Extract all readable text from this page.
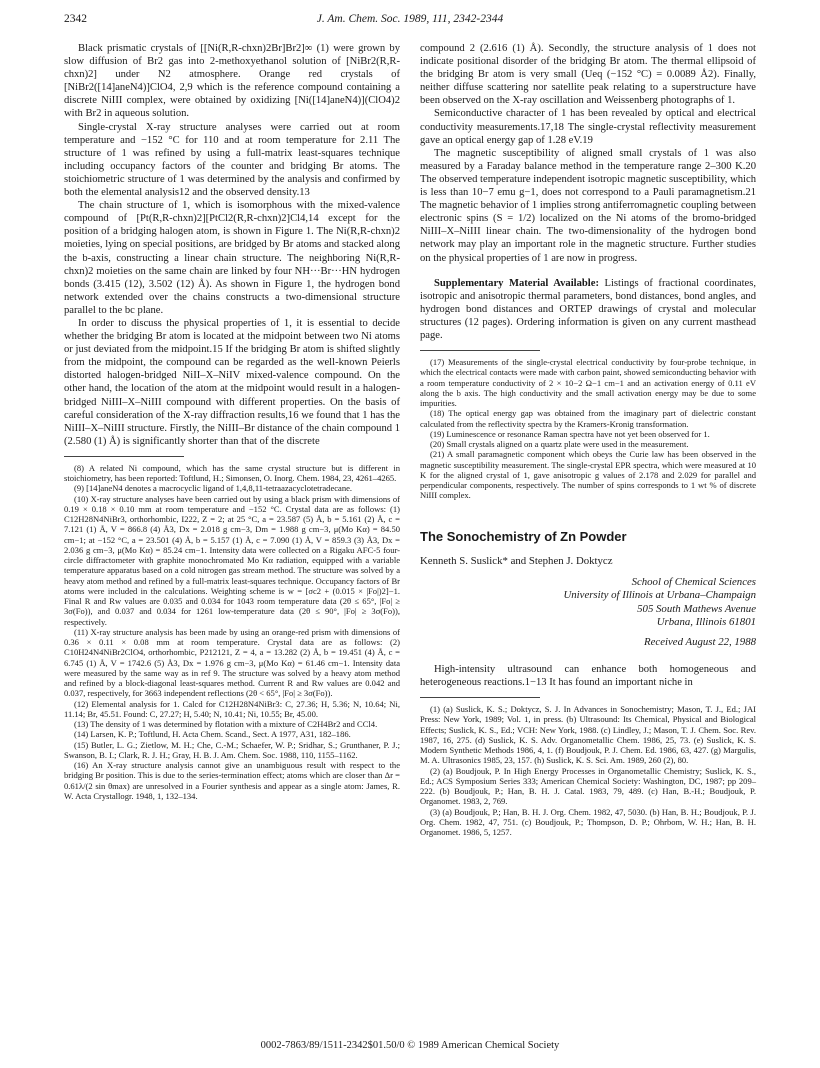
2342	J. Am. Chem. Soc. 1989, 111, 2342-2344

Black prismatic crystals of [[Ni(R,R-chxn)2Br]Br2]∞ (1) were grown by slow diffusion of Br2 gas into 2-methoxyethanol solution of [NiBr2(R,R-chxn)2] under N2 atmosphere. Orange red crystals of [NiBr2([14]aneN4)]ClO4, 2,9 which is the reference compound containing a discrete NiIII complex, were obtained by oxidizing [Ni([14]aneN4)](ClO4)2 with Br2 in aqueous solution.

Single-crystal X-ray structure analyses were carried out at room temperature and −152 °C for 110 and at room temperature for 2.11 The structure of 1 was refined by using a full-matrix least-squares technique including occupancy factors of the counter and bridging Br atoms. The stoichiometric structure of 1 was determined by the analysis and confirmed by both the elemental analysis12 and the observed density.13

The chain structure of 1, which is isomorphous with the mixed-valence compound of [Pt(R,R-chxn)2][PtCl2(R,R-chxn)2]Cl4,14 except for the position of a bridging halogen atom, is shown in Figure 1. The Ni(R,R-chxn)2 moieties, lying on special positions, are bridged by Br atoms and stacked along the b-axis, constructing a linear chain structure. The neighboring Ni(R,R-chxn)2 moieties on the same chain are linked by four NH···Br···HN hydrogen bonds (3.415 (12), 3.502 (12) Å). As shown in Figure 1, the hydrogen bond network extended over the chains constructs a two-dimensional structure parallel to the bc plane.

In order to discuss the physical properties of 1, it is essential to decide whether the bridging Br atom is located at the midpoint between two Ni atoms or just deviated from the midpoint.15 If the bridging Br atom is shifted slightly from the midpoint, the compound can be regarded as the well-known Peierls distorted halogen-bridged NiII–X–NiIV mixed-valence compound. On the other hand, the location of the atom at the midpoint would result in a halogen-bridged NiIII–X–NiIII compound with different properties. On the basis of careful consideration of the X-ray diffraction results,16 we found that 1 has the NiIII–X–NiIII structure. Firstly, the NiIII–Br distance of the chain compound 1 (2.580 (1) Å) is significantly shorter than that of the discrete

(8) A related Ni compound, which has the same crystal structure but is different in stoichiometry, has been reported: Toftlund, H.; Simonsen, O. Inorg. Chem. 1984, 23, 4261–4265.

(9) [14]aneN4 denotes a macrocyclic ligand of 1,4,8,11-tetraazacyclotetradecane.

(10) X-ray structure analyses have been carried out by using a black prism with dimensions of 0.19 × 0.18 × 0.10 mm at room temperature and −152 °C. Crystal data are as follows: (1) C12H28N4NiBr3, orthorhombic, I222, Z = 2; at 25 °C, a = 23.587 (5) Å, b = 5.161 (2) Å, c = 7.121 (1) Å, V = 866.8 (4) Å3, Dx = 2.018 g cm−3, Dm = 1.988 g cm−3, μ(Mo Kα) = 84.50 cm−1; at −152 °C, a = 23.501 (4) Å, b = 5.157 (1) Å, c = 7.090 (1) Å, V = 859.3 (3) Å3, Dx = 2.036 g cm−3, μ(Mo Kα) = 85.24 cm−1. Intensity data were collected on a Rigaku AFC-5 four-circle diffractometer with graphite monochromated Mo Kα radiation, equipped with a variable temperature apparatus based on a cold nitrogen gas stream method. The structure was solved by a heavy atom method and refined by a full-matrix least-squares technique. Occupancy factors of Br atoms were included in the calculations. Weighting scheme is w = [σc2 + (0.015 × |Fo|)2]−1. Final R and Rw values are 0.035 and 0.034 for 1043 room temperature data (2θ ≤ 65°, |Fo| ≥ 3σ(Fo)), and 0.037 and 0.034 for 1261 low-temperature data (2θ ≤ 90°, |Fo| ≥ 3σ(Fo)), respectively.

(11) X-ray structure analysis has been made by using an orange-red prism with dimensions of 0.36 × 0.11 × 0.08 mm at room temperature. Crystal data are as follows: (2) C10H24N4NiBr2ClO4, orthorhombic, P212121, Z = 4, a = 13.282 (2) Å, b = 19.451 (4) Å, c = 6.745 (1) Å, V = 1742.6 (5) Å3, Dx = 1.976 g cm−3, μ(Mo Kα) = 61.46 cm−1. Intensity data were measured by the same way as in ref 9. The structure was solved by a heavy atom method and refined by a block-diagonal least-squares method. Current R and Rw values are 0.042 and 0.037, respectively, for 3663 independent reflections (2θ < 65°, |Fo| ≥ 3σ(Fo)).

(12) Elemental analysis for 1. Calcd for C12H28N4NiBr3: C, 27.36; H, 5.36; N, 10.64; Ni, 11.14; Br, 45.51. Found: C, 27.27; H, 5.40; N, 10.41; Ni, 10.55; Br, 45.00.

(13) The density of 1 was determined by flotation with a mixture of C2H4Br2 and CCl4.

(14) Larsen, K. P.; Toftlund, H. Acta Chem. Scand., Sect. A 1977, A31, 182–186.

(15) Butler, L. G.; Zietlow, M. H.; Che, C.-M.; Schaefer, W. P.; Sridhar, S.; Grunthaner, P. J.; Swanson, B. I.; Clark, R. J. H.; Gray, H. B. J. Am. Chem. Soc. 1988, 110, 1155–1162.

(16) An X-ray structure analysis cannot give an unambiguous result with respect to the bridging Br position. This is due to the series-termination effect; atoms which are closer than Δr = 0.61λ/(2 sin θmax) are unresolved in a Fourier synthesis and appear as a single atom: James, R. W. Acta Crystallogr. 1948, 1, 132–134.

compound 2 (2.616 (1) Å). Secondly, the structure analysis of 1 does not indicate positional disorder of the bridging Br atom. The thermal ellipsoid of the bridging Br atom is very small (Ueq (−152 °C) = 0.0089 Å2). Finally, neither diffuse scattering nor satellite peak relating to a superstructure have been observed on the X-ray oscillation and Weissenberg photographs of 1.

Semiconductive character of 1 has been revealed by optical and electrical conductivity measurements.17,18 The single-crystal reflectivity measurement gave an optical energy gap of 1.28 eV.19

The magnetic susceptibility of aligned small crystals of 1 was also measured by a Faraday balance method in the temperature range 2–300 K.20 The observed temperature independent isotropic magnetic susceptibility, which is less than 10−7 emu g−1, does not correspond to a Pauli paramagnetism.21 The magnetic behavior of 1 implies strong antiferromagnetic coupling between electronic spins (S = 1/2) localized on the Ni atoms of the bromo-bridged NiIII–X–NiIII linear chain. The two-dimensionality of the hydrogen bond network may play an important role in the magnetic structure. Further studies on the physical properties of 1 are now in progress.

Supplementary Material Available: Listings of fractional coordinates, isotropic and anisotropic thermal parameters, bond distances, bond angles, and hydrogen bond distances and ORTEP drawings of crystal and molecular structures (12 pages). Ordering information is given on any current masthead page.

(17) Measurements of the single-crystal electrical conductivity by four-probe technique, in which the electrical contacts were made with carbon paint, showed semiconducting behavior with a room temperature conductivity of 2 × 10−2 Ω−1 cm−1 and an activation energy of 0.11 eV along the b axis. The high conductivity and the small activation energy may be due to some impurities.

(18) The optical energy gap was obtained from the imaginary part of dielectric constant calculated from the reflectivity spectra by the Kramers-Kronig transformation.

(19) Luminescence or resonance Raman spectra have not yet been observed for 1.

(20) Small crystals aligned on a quartz plate were used in the measurement.

(21) A small paramagnetic component which obeys the Curie law has been observed in the magnetic susceptibility measurement. The single-crystal EPR spectra, which were measured at 10 K for the aligned crystal of 1, gave anisotropic g values of 2.178 and 2.029 for parallel and perpendicular components, respectively. The number of spins corresponds to 1 wt % of discrete NiIII complex.

The Sonochemistry of Zn Powder
Kenneth S. Suslick* and Stephen J. Doktycz
School of Chemical Sciences
University of Illinois at Urbana–Champaign
505 South Mathews Avenue
Urbana, Illinois 61801
Received August 22, 1988

High-intensity ultrasound can enhance both homogeneous and heterogeneous reactions.1−13 It has found an important niche in

(1) (a) Suslick, K. S.; Doktycz, S. J. In Advances in Sonochemistry; Mason, T. J., Ed.; JAI Press: New York, 1989; Vol. 1, in press. (b) Ultrasound: Its Chemical, Physical and Biological Effects; Suslick, K. S., Ed.; VCH: New York, 1988. (c) Lindley, J.; Mason, T. J. Chem. Soc. Rev. 1987, 16, 275. (d) Suslick, K. S. Adv. Organometallic Chem. 1986, 25, 73. (e) Suslick, K. S. Modern Synthetic Methods 1986, 4, 1. (f) Boudjouk, P. J. Chem. Ed. 1986, 63, 427. (g) Margulis, M. A. Ultrasonics 1985, 23, 157. (h) Suslick, K. S. Sci. Am. 1989, 260 (2), 80.

(2) (a) Boudjouk, P. In High Energy Processes in Organometallic Chemistry; Suslick, K. S., Ed.; ACS Symposium Series 333; American Chemical Society: Washington, DC, 1987; pp 209–222. (b) Boudjouk, P.; Han, B. H. J. Catal. 1983, 79, 489. (c) Han, B.-H.; Boudjouk, P. Organomet. 1983, 2, 769.

(3) (a) Boudjouk, P.; Han, B. H. J. Org. Chem. 1982, 47, 5030. (b) Han, B. H.; Boudjouk, P. J. Org. Chem. 1982, 47, 751. (c) Boudjouk, P.; Thompson, D. P.; Ohrbom, W. H.; Han, B. H. Organomet. 1986, 5, 1257.

0002-7863/89/1511-2342$01.50/0 © 1989 American Chemical Society
